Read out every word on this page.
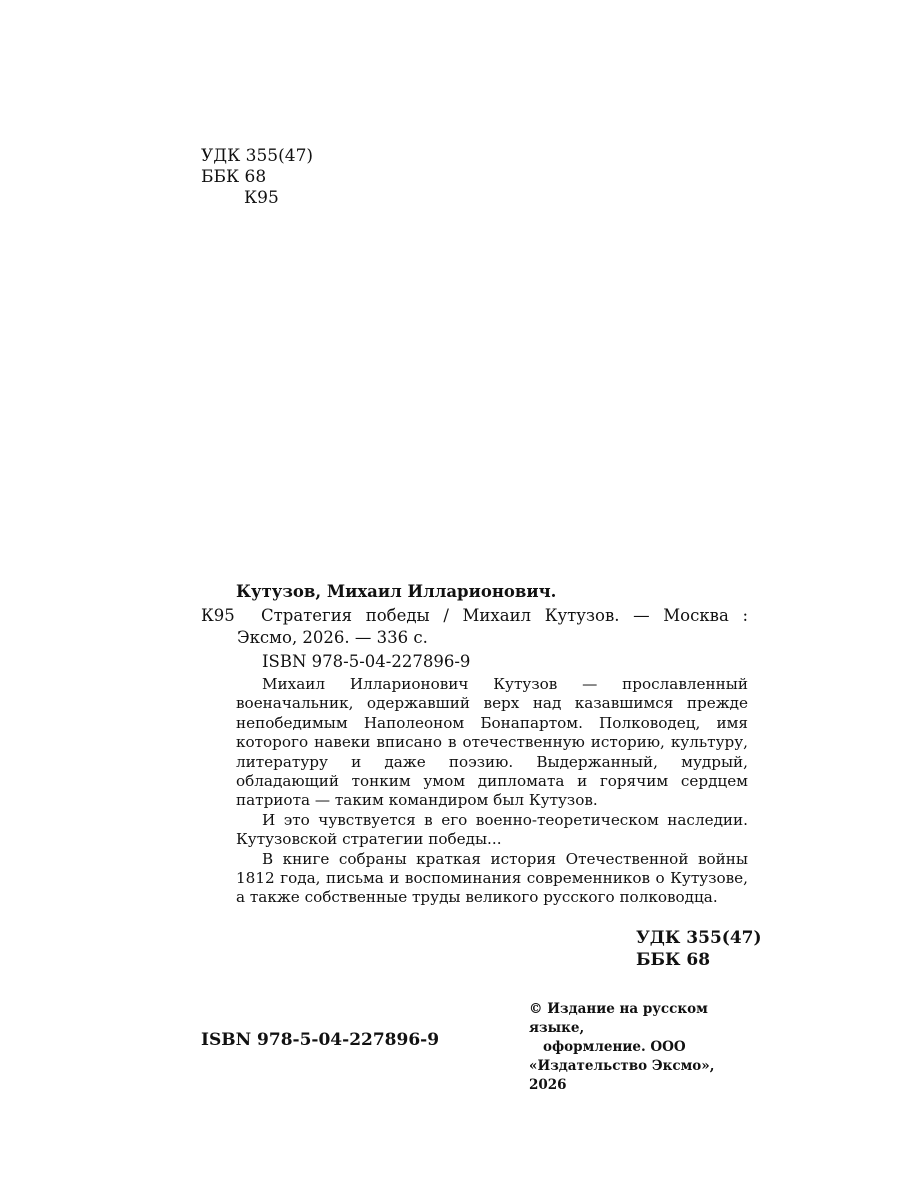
УДК 355(47)
ББК 68
К95
Кутузов, Михаил Илларионович.
К95	Стратегия победы / Михаил Кутузов. — Москва :
Эксмо, 2026. — 336 с.
ISBN 978-5-04-227896-9

Михаил Илларионович Кутузов — прославленный военачальник, одержавший верх над казавшимся прежде непобедимым Наполеоном Бонапартом. Полководец, имя которого навеки вписано в отечественную историю, культуру, литературу и даже поэзию. Выдержанный, мудрый, обладающий тонким умом дипломата и горячим сердцем патриота — таким командиром был Кутузов.

И это чувствуется в его военно-теоретическом наследии. Кутузовской стратегии победы...

В книге собраны краткая история Отечественной войны 1812 года, письма и воспоминания современников о Кутузове, а также собственные труды великого русского полководца.

УДК 355(47)
ББК 68
© Издание на русском языке,
оформление. ООО
«Издательство Эксмо», 2026
ISBN 978-5-04-227896-9
